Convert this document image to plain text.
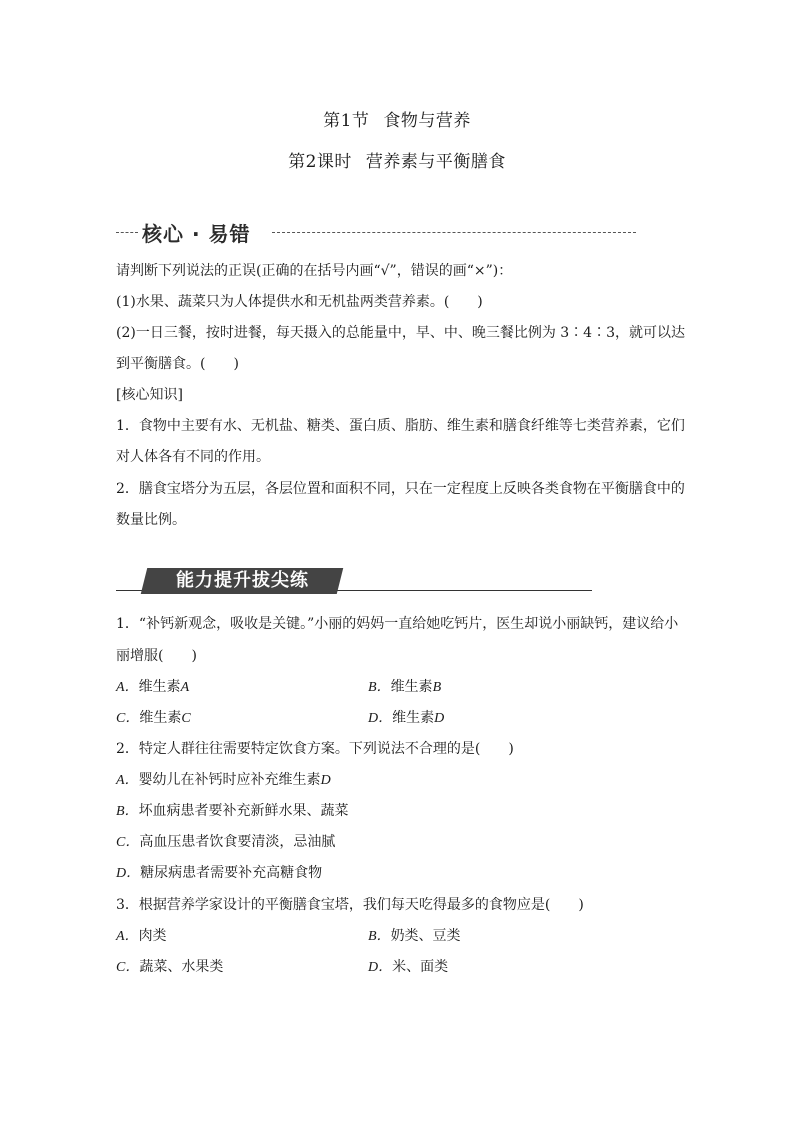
第1节 食物与营养
第2课时 营养素与平衡膳食
核心 · 易错
请判断下列说法的正误(正确的在括号内画“√”，错误的画“×”)：
(1)水果、蔬菜只为人体提供水和无机盐两类营养素。(　　)
(2)一日三餐，按时进餐，每天摄入的总能量中，早、中、晚三餐比例为 3∶4∶3，就可以达
到平衡膳食。(　　)
[核心知识]
1．食物中主要有水、无机盐、糖类、蛋白质、脂肪、维生素和膳食纤维等七类营养素，它们
对人体各有不同的作用。
2．膳食宝塔分为五层，各层位置和面积不同，只在一定程度上反映各类食物在平衡膳食中的
数量比例。
能力提升拔尖练
1．“补钙新观念，吸收是关键。”小丽的妈妈一直给她吃钙片，医生却说小丽缺钙，建议给小
丽增服(　　)
A．维生素A	B．维生素B
C．维生素C	D．维生素D
2．特定人群往往需要特定饮食方案。下列说法不合理的是(　　)
A．婴幼儿在补钙时应补充维生素D
B．坏血病患者要补充新鲜水果、蔬菜
C．高血压患者饮食要清淡，忌油腻
D．糖尿病患者需要补充高糖食物
3．根据营养学家设计的平衡膳食宝塔，我们每天吃得最多的食物应是(　　)
A．肉类	B．奶类、豆类
C．蔬菜、水果类	D．米、面类
